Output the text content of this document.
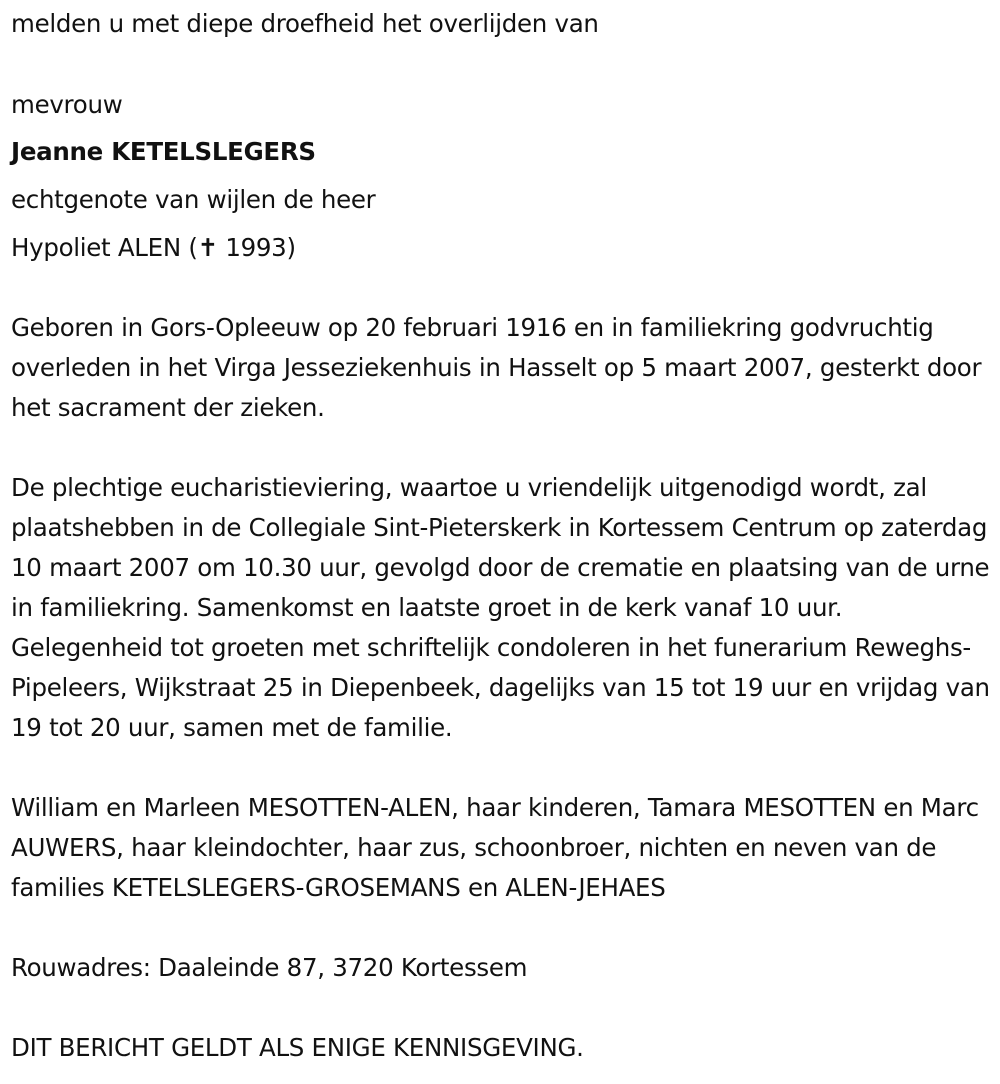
melden u met diepe droefheid het overlijden van

mevrouw

Jeanne KETELSLEGERS

echtgenote van wijlen de heer

Hypoliet ALEN (✝ 1993)

Geboren in Gors-Opleeuw op 20 februari 1916 en in familiekring godvruchtig overleden in het Virga Jesseziekenhuis in Hasselt op 5 maart 2007, gesterkt door het sacrament der zieken.

De plechtige eucharistieviering, waartoe u vriendelijk uitgenodigd wordt, zal plaatshebben in de Collegiale Sint-Pieterskerk in Kortessem Centrum op zaterdag 10 maart 2007 om 10.30 uur, gevolgd door de crematie en plaatsing van de urne in familiekring. Samenkomst en laatste groet in de kerk vanaf 10 uur. Gelegenheid tot groeten met schriftelijk condoleren in het funerarium Reweghs-Pipeleers, Wijkstraat 25 in Diepenbeek, dagelijks van 15 tot 19 uur en vrijdag van 19 tot 20 uur, samen met de familie.

William en Marleen MESOTTEN-ALEN, haar kinderen, Tamara MESOTTEN en Marc AUWERS, haar kleindochter, haar zus, schoonbroer, nichten en neven van de families KETELSLEGERS-GROSEMANS en ALEN-JEHAES

Rouwadres: Daaleinde 87, 3720 Kortessem

DIT BERICHT GELDT ALS ENIGE KENNISGEVING.
